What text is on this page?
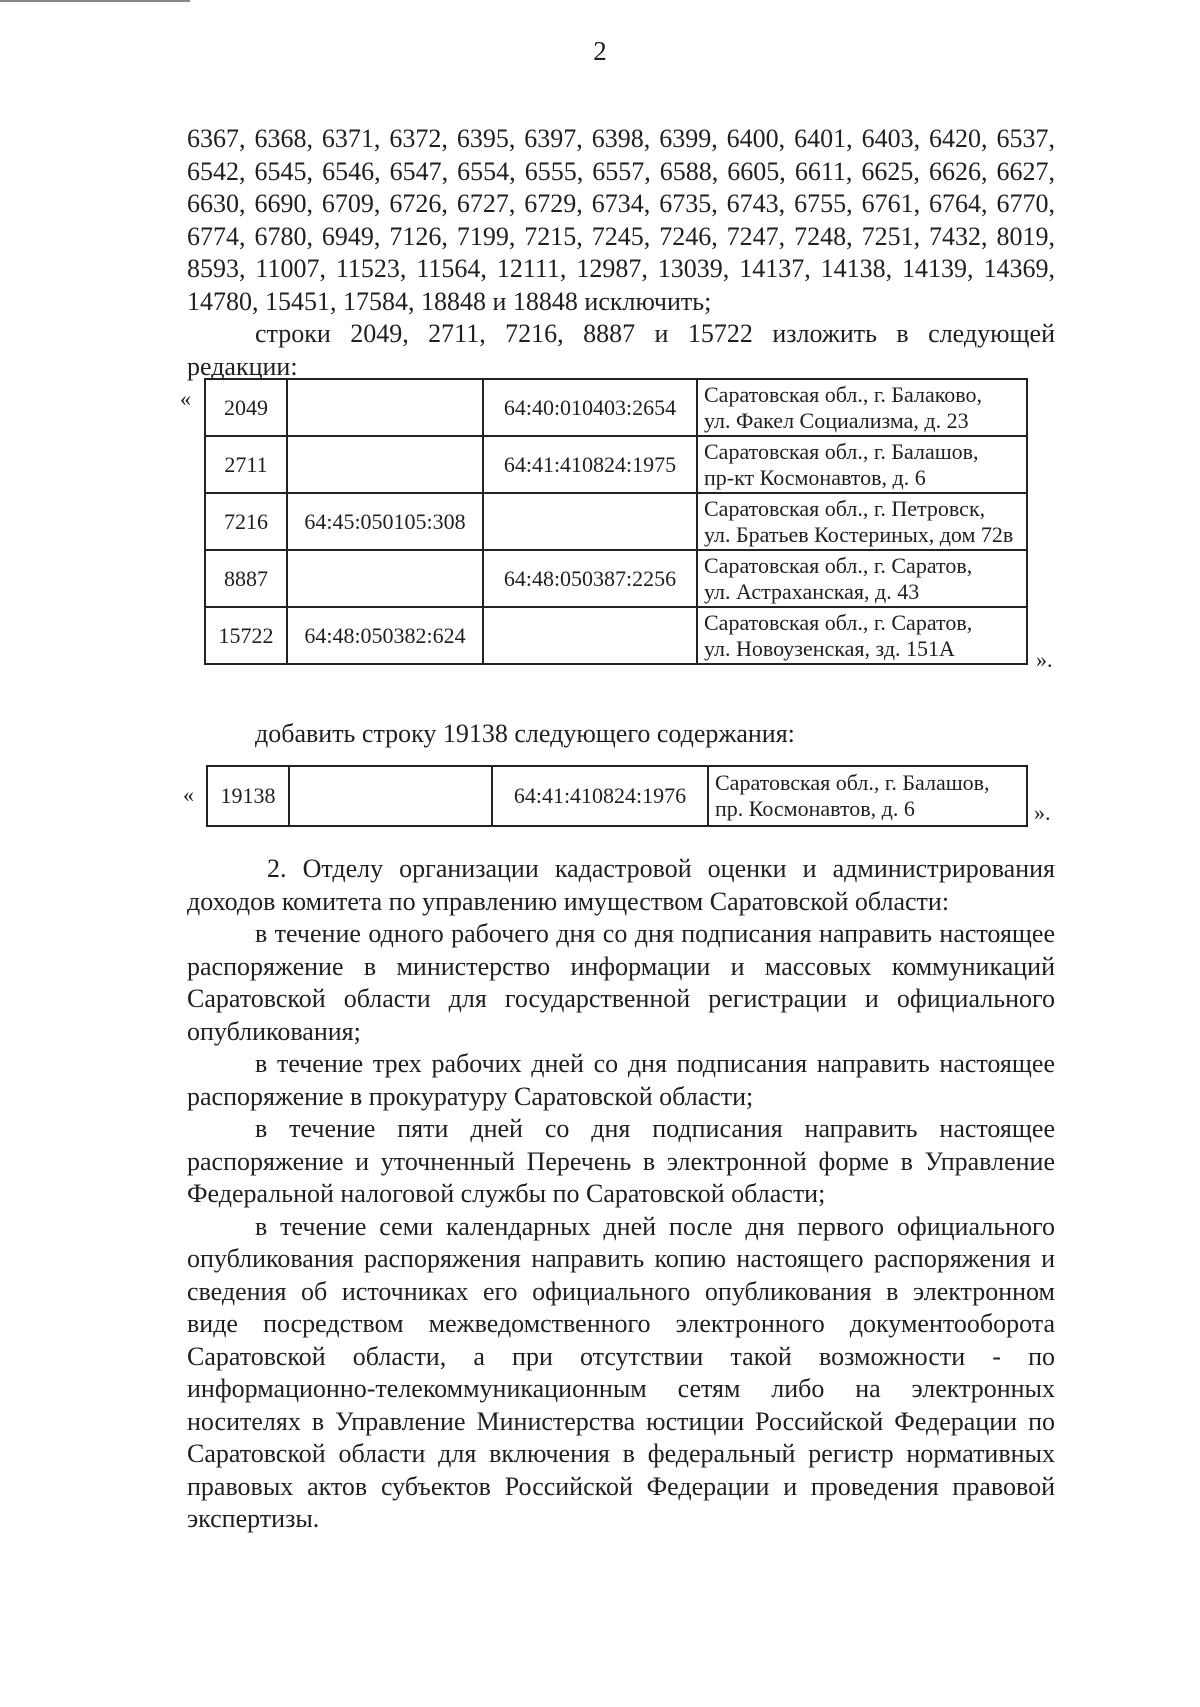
2
6367, 6368, 6371, 6372, 6395, 6397, 6398, 6399, 6400, 6401, 6403, 6420, 6537,
6542, 6545, 6546, 6547, 6554, 6555, 6557, 6588, 6605, 6611, 6625, 6626, 6627,
6630, 6690, 6709, 6726, 6727, 6729, 6734, 6735, 6743, 6755, 6761, 6764, 6770,
6774, 6780, 6949, 7126, 7199, 7215, 7245, 7246, 7247, 7248, 7251, 7432, 8019,
8593, 11007, 11523, 11564, 12111, 12987, 13039, 14137, 14138, 14139, 14369,
14780, 15451, 17584, 18848 и 18848 исключить;
строки 2049, 2711, 7216, 8887 и 15722 изложить в следующей
редакции:
« 2049		64:40:010403:2654	Саратовская обл., г. Балаково,
ул. Факел Социализма, д. 23

2711		64:41:410824:1975	Саратовская обл., г. Балашов,
пр-кт Космонавтов, д. 6

7216	64:45:050105:308		Саратовская обл., г. Петровск,
ул. Братьев Костериных, дом 72в

8887		64:48:050387:2256	Саратовская обл., г. Саратов,
ул. Астраханская, д. 43

15722	64:48:050382:624		Саратовская обл., г. Саратов,
ул. Новоузенская, зд. 151А	».
добавить строку 19138 следующего содержания:
« 19138		64:41:410824:1976	
Саратовская обл., г. Балашов,
пр. Космонавтов, д. 6	».
2. Отделу организации кадастровой оценки и администрирования
доходов комитета по управлению имуществом Саратовской области:
в течение одного рабочего дня со дня подписания направить настоящее
распоряжение в министерство информации и массовых коммуникаций
Саратовской области для государственной регистрации и официального
опубликования;
в течение трех рабочих дней со дня подписания направить настоящее
распоряжение в прокуратуру Саратовской области;
в течение пяти дней со дня подписания направить настоящее
распоряжение и уточненный Перечень в электронной форме в Управление
Федеральной налоговой службы по Саратовской области;
в течение семи календарных дней после дня первого официального
опубликования распоряжения направить копию настоящего распоряжения и
сведения об источниках его официального опубликования в электронном
виде посредством межведомственного электронного документооборота
Саратовской области, а при отсутствии такой возможности - по
информационно-телекоммуникационным сетям либо на электронных
носителях в Управление Министерства юстиции Российской Федерации по
Саратовской области для включения в федеральный регистр нормативных
правовых актов субъектов Российской Федерации и проведения правовой
экспертизы.
